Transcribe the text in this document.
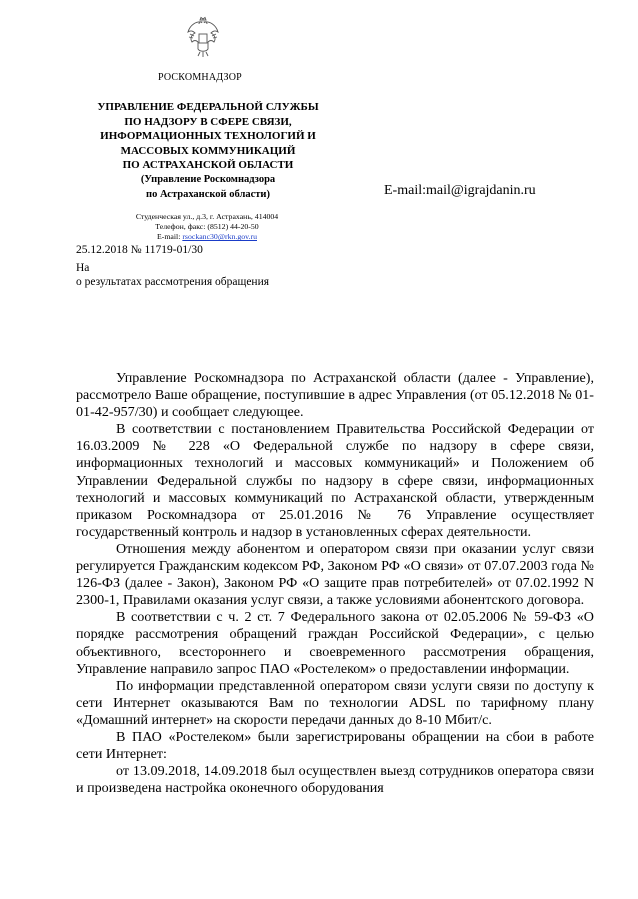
РОСКОМНАДЗОР
УПРАВЛЕНИЕ ФЕДЕРАЛЬНОЙ СЛУЖБЫ
ПО НАДЗОРУ В СФЕРЕ СВЯЗИ,
ИНФОРМАЦИОННЫХ ТЕХНОЛОГИЙ И
МАССОВЫХ КОММУНИКАЦИЙ
ПО АСТРАХАНСКОЙ ОБЛАСТИ
(Управление Роскомнадзора
по Астраханской области)
Студенческая ул., д.3, г. Астрахань, 414004
Телефон, факс: (8512) 44-20-50
E-mail: rsockanc30@rkn.gov.ru
E-mail:mail@igrajdanin.ru
25.12.2018 № 11719-01/30
На
о результатах рассмотрения обращения

Управление Роскомнадзора по Астраханской области (далее - Управление), рассмотрело Ваше обращение, поступившие в адрес Управления (от 05.12.2018 № 01-01-42-957/30) и сообщает следующее.

В соответствии с постановлением Правительства Российской Федерации от 16.03.2009 № 228 «О Федеральной службе по надзору в сфере связи, информационных технологий и массовых коммуникаций» и Положением об Управлении Федеральной службы по надзору в сфере связи, информационных технологий и массовых коммуникаций по Астраханской области, утвержденным приказом Роскомнадзора от 25.01.2016 № 76 Управление осуществляет государственный контроль и надзор в установленных сферах деятельности.

Отношения между абонентом и оператором связи при оказании услуг связи регулируется Гражданским кодексом РФ, Законом РФ «О связи» от 07.07.2003 года № 126-ФЗ (далее - Закон), Законом РФ «О защите прав потребителей» от 07.02.1992 N 2300-1, Правилами оказания услуг связи, а также условиями абонентского договора.

В соответствии с ч. 2 ст. 7 Федерального закона от 02.05.2006 № 59-ФЗ «О порядке рассмотрения обращений граждан Российской Федерации», с целью объективного, всестороннего и своевременного рассмотрения обращения, Управление направило запрос ПАО «Ростелеком» о предоставлении информации.

По информации представленной оператором связи услуги связи по доступу к сети Интернет оказываются Вам по технологии ADSL по тарифному плану «Домашний интернет» на скорости передачи данных до 8-10 Мбит/с.

В ПАО «Ростелеком» были зарегистрированы обращении на сбои в работе сети Интернет:

от 13.09.2018, 14.09.2018 был осуществлен выезд сотрудников оператора связи и произведена настройка оконечного оборудования
